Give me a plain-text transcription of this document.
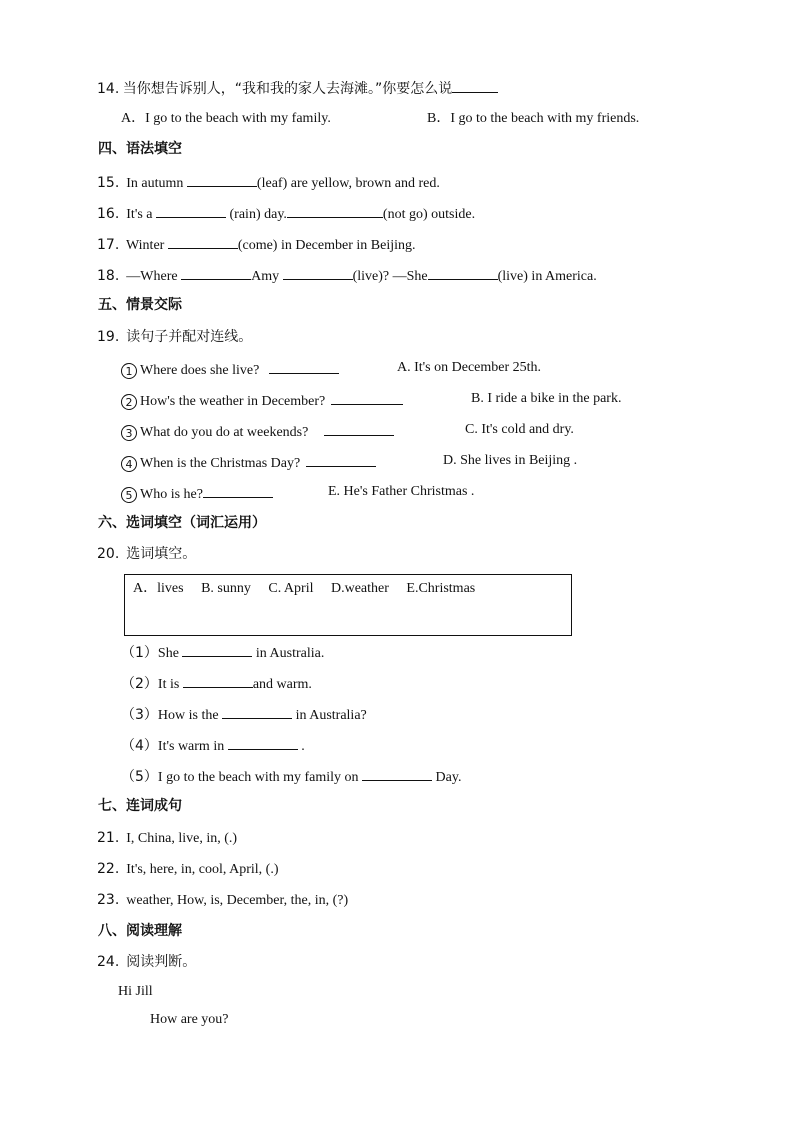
14. 当你想告诉别人，“我和我的家人去海滩。”你要怎么说
A．I go to the beach with my family.	B．I go to the beach with my friends.
四、语法填空
15. In autumn	(leaf) are yellow, brown and red.
16. It's a	(rain) day.	(not go) outside.
17. Winter	(come) in December in Beijing.
18. —Where	Amy	(live)? —She	(live) in America.
五、情景交际
19. 读句子并配对连线。
1 Where does she live?	A. It's on December 25th.
2 How's the weather in December?	B. I ride a bike in the park.
3 What do you do at weekends?	C. It's cold and dry.
4 When is the Christmas Day?	D. She lives in Beijing .
5 Who is he?	E. He's Father Christmas .
六、选词填空（词汇运用）
20. 选词填空。
A．lives B. sunny C. April D.weather E.Christmas
（1）She	in Australia.
（2）It is	and warm.
（3）How is the	in Australia?
（4）It's warm in	.
（5）I go to the beach with my family on	Day.
七、连词成句
21. I, China, live, in, (.)
22. It's, here, in, cool, April, (.)
23. weather, How, is, December, the, in, (?)
八、阅读理解
24. 阅读判断。
Hi Jill
How are you?
